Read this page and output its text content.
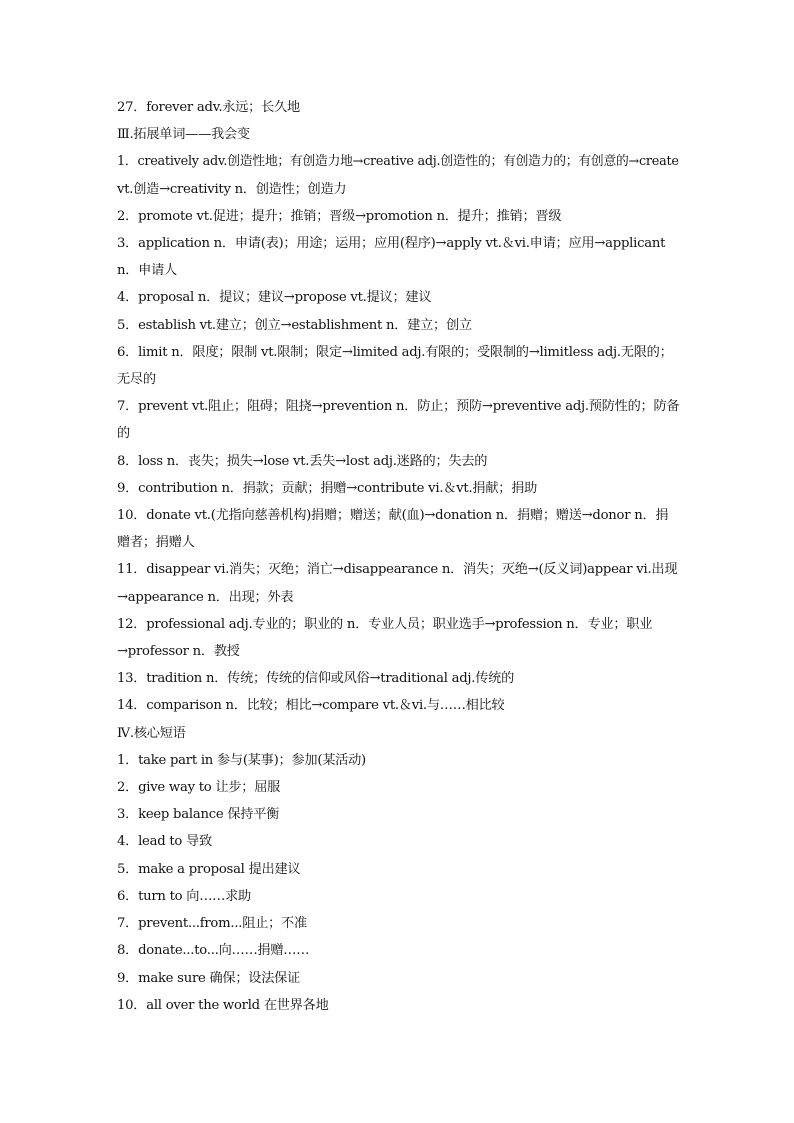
27．forever adv.永远；长久地
Ⅲ.拓展单词——我会变
1．creatively adv.创造性地；有创造力地→creative adj.创造性的；有创造力的；有创意的→create
vt.创造→creativity n．创造性；创造力
2．promote vt.促进；提升；推销；晋级→promotion n．提升；推销；晋级
3．application n．申请(表)；用途；运用；应用(程序)→apply vt.＆vi.申请；应用→applicant
n．申请人
4．proposal n．提议；建议→propose vt.提议；建议
5．establish vt.建立；创立→establishment n．建立；创立
6．limit n．限度；限制 vt.限制；限定→limited adj.有限的；受限制的→limitless adj.无限的；
无尽的
7．prevent vt.阻止；阻碍；阻挠→prevention n．防止；预防→preventive adj.预防性的；防备
的
8．loss n．丧失；损失→lose vt.丢失→lost adj.迷路的；失去的
9．contribution n．捐款；贡献；捐赠→contribute vi.＆vt.捐献；捐助
10．donate vt.(尤指向慈善机构)捐赠；赠送；献(血)→donation n．捐赠；赠送→donor n．捐
赠者；捐赠人
11．disappear vi.消失；灭绝；消亡→disappearance n．消失；灭绝→(反义词)appear vi.出现
→appearance n．出现；外表
12．professional adj.专业的；职业的 n．专业人员；职业选手→profession n．专业；职业
→professor n．教授
13．tradition n．传统；传统的信仰或风俗→traditional adj.传统的
14．comparison n．比较；相比→compare vt.＆vi.与……相比较
Ⅳ.核心短语
1．take part in 参与(某事)；参加(某活动)
2．give way to 让步；屈服
3．keep balance 保持平衡
4．lead to 导致
5．make a proposal 提出建议
6．turn to 向……求助
7．prevent...from...阻止；不准
8．donate...to...向……捐赠……
9．make sure 确保；设法保证
10．all over the world 在世界各地
